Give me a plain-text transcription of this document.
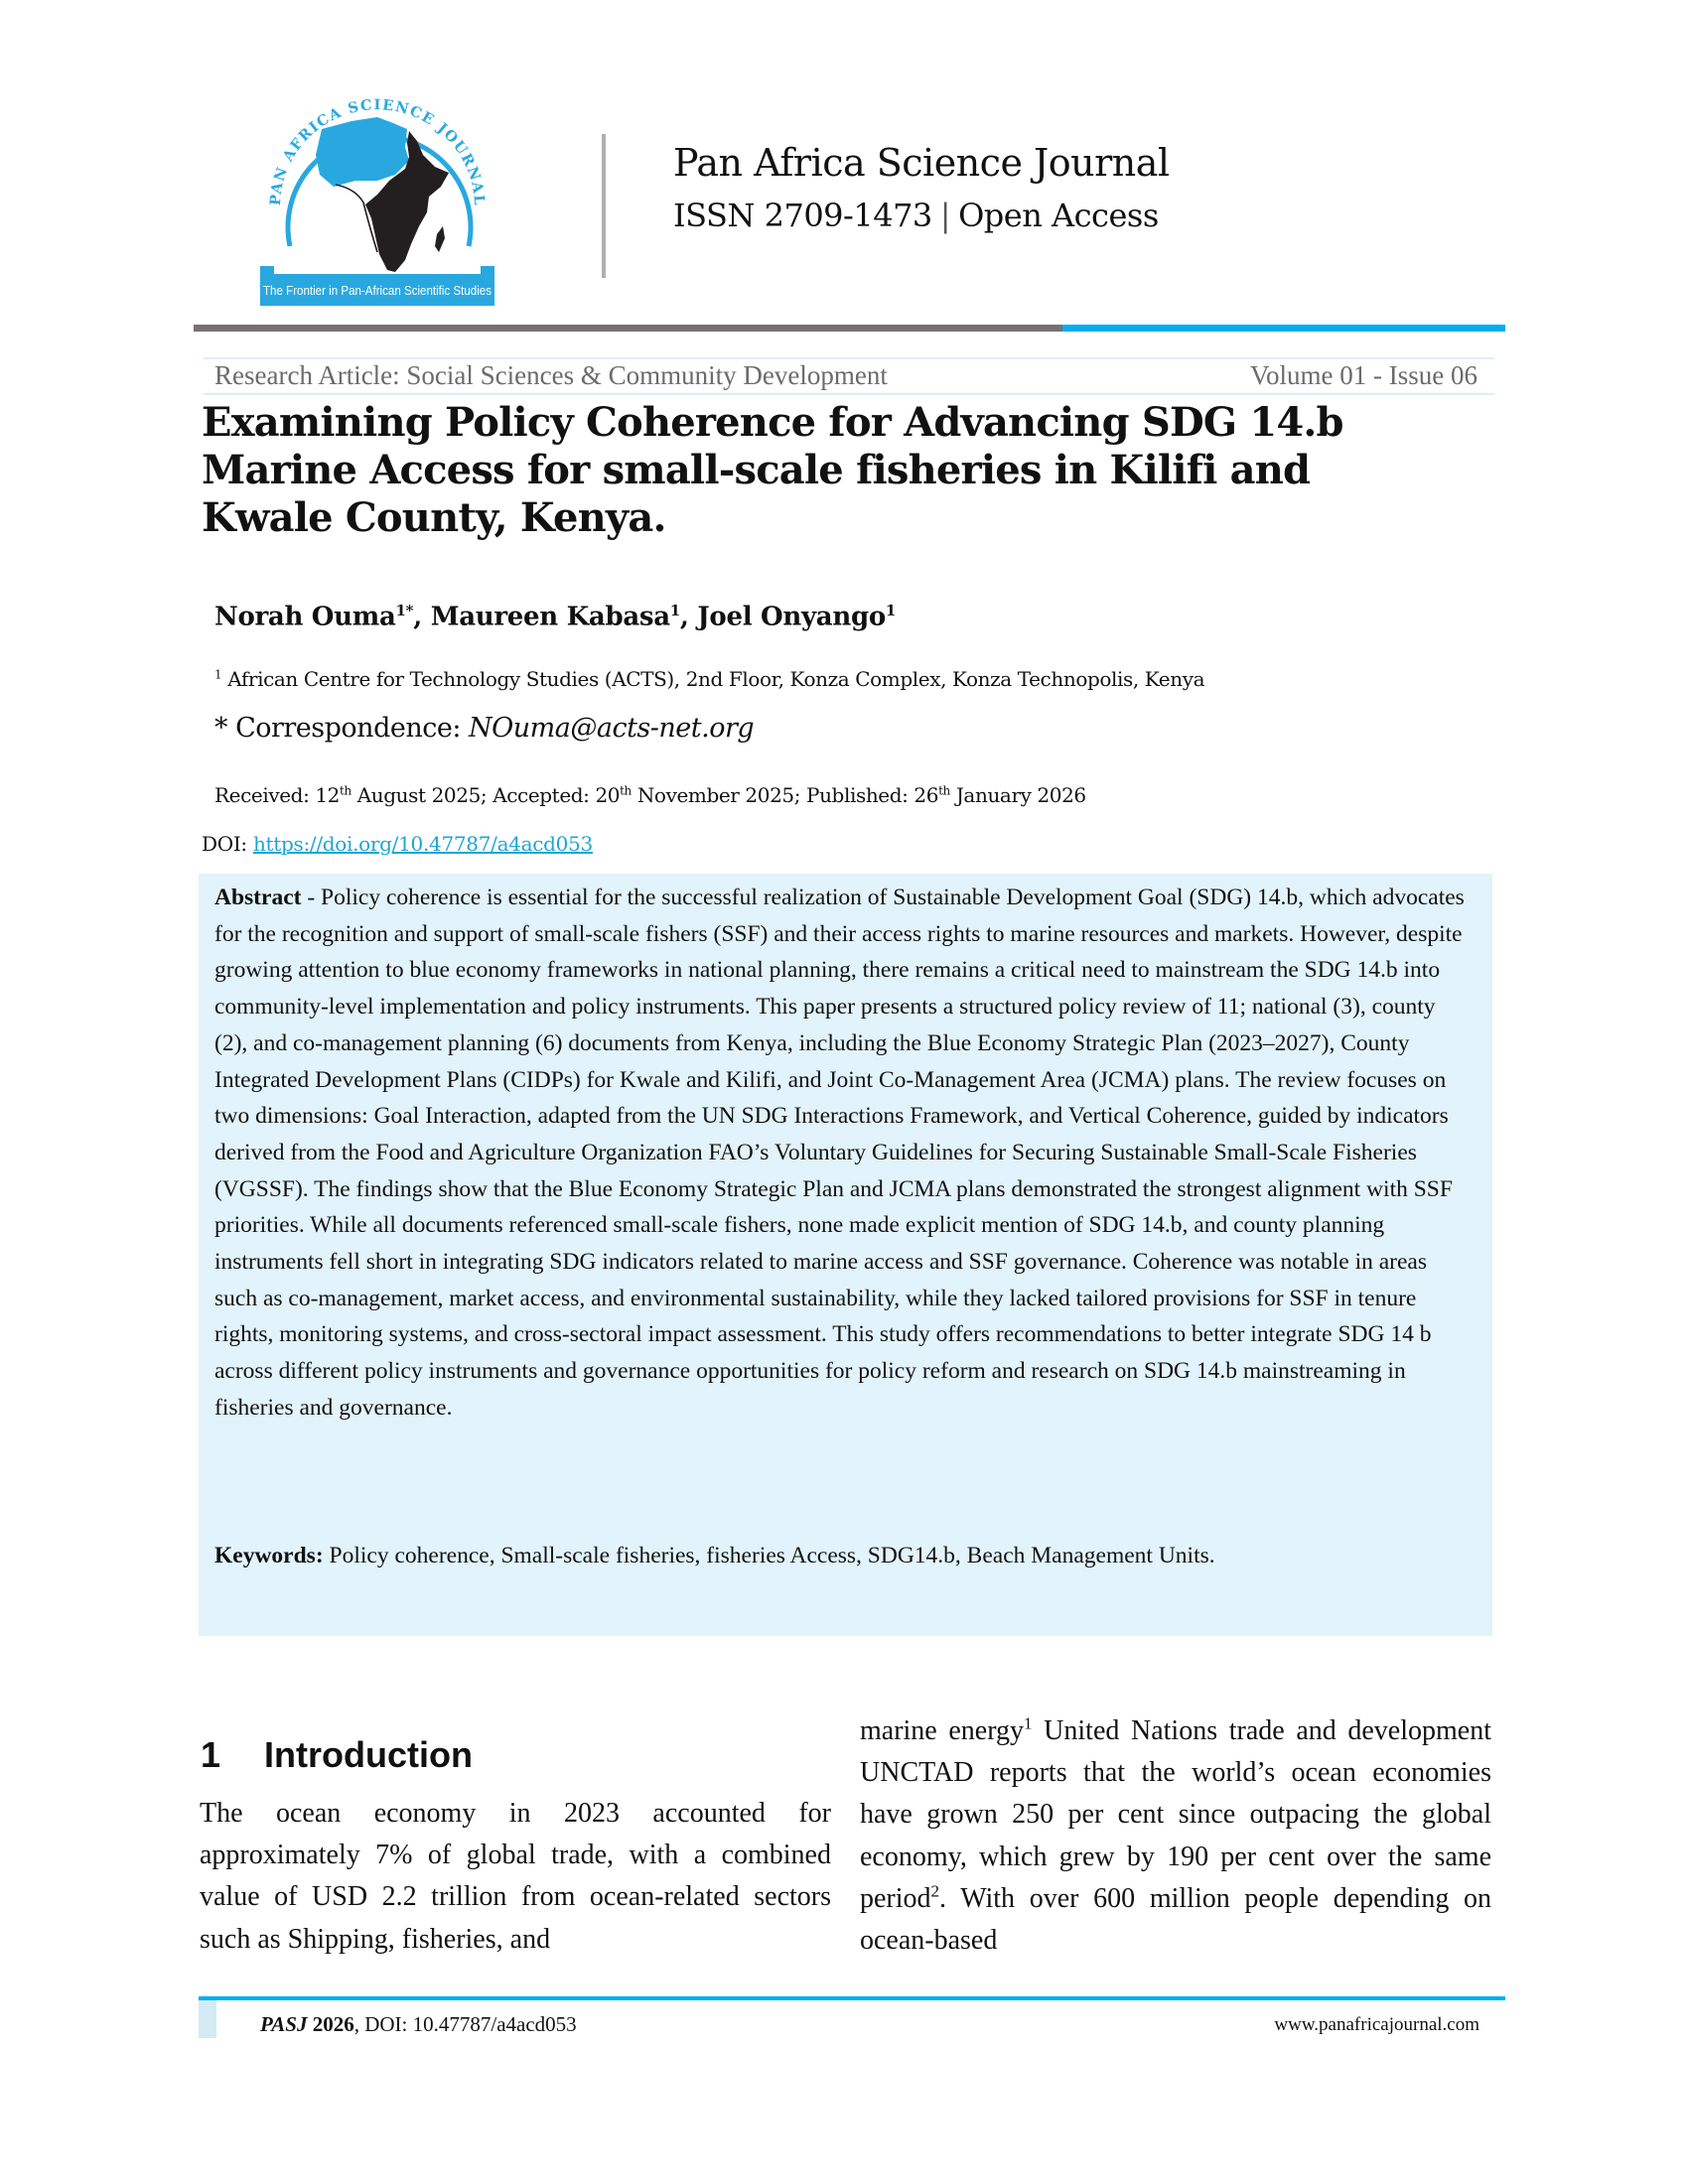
PAN AFRICA SCIENCE JOURNAL
The Frontier in Pan-African Scientific Studies
Pan Africa Science Journal
ISSN 2709-1473 | Open Access
Research Article: Social Sciences & Community Development	Volume 01 - Issue 06
Examining Policy Coherence for Advancing SDG 14.b
Marine Access for small-scale fisheries in Kilifi and
Kwale County, Kenya.
Norah Ouma$^{1*}$, Maureen Kabasa$^1$, Joel Onyango$^1$
$^1$ African Centre for Technology Studies (ACTS), 2nd Floor, Konza Complex, Konza Technopolis, Kenya
* Correspondence: NOuma@acts-net.org
Received: 12th August 2025; Accepted: 20th November 2025; Published: 26th January 2026
DOI: https://doi.org/10.47787/a4acd053
Abstract - Policy coherence is essential for the successful realization of Sustainable Development Goal (SDG) 14.b, which advocates for the recognition and support of small-scale fishers (SSF) and their access rights to marine resources and markets. However, despite growing attention to blue economy frameworks in national planning, there remains a critical need to mainstream the SDG 14.b into community-level implementation and policy instruments. This paper presents a structured policy review of 11; national (3), county (2), and co-management planning (6) documents from Kenya, including the Blue Economy Strategic Plan (2023–2027), County Integrated Development Plans (CIDPs) for Kwale and Kilifi, and Joint Co-Management Area (JCMA) plans. The review focuses on two dimensions: Goal Interaction, adapted from the UN SDG Interactions Framework, and Vertical Coherence, guided by indicators derived from the Food and Agriculture Organization FAO’s Voluntary Guidelines for Securing Sustainable Small-Scale Fisheries (VGSSF). The findings show that the Blue Economy Strategic Plan and JCMA plans demonstrated the strongest alignment with SSF priorities. While all documents referenced small-scale fishers, none made explicit mention of SDG 14.b, and county planning instruments fell short in integrating SDG indicators related to marine access and SSF governance. Coherence was notable in areas such as co-management, market access, and environmental sustainability, while they lacked tailored provisions for SSF in tenure rights, monitoring systems, and cross-sectoral impact assessment. This study offers recommendations to better integrate SDG 14 b across different policy instruments and governance opportunities for policy reform and research on SDG 14.b mainstreaming in fisheries and governance.
Keywords: Policy coherence, Small-scale fisheries, fisheries Access, SDG14.b, Beach Management Units.
1 Introduction
The ocean economy in 2023 accounted for approximately 7% of global trade, with a combined value of USD 2.2 trillion from ocean-related sectors such as Shipping, fisheries, and
marine energy$^1$ United Nations trade and development UNCTAD reports that the world’s ocean economies have grown 250 per cent since outpacing the global economy, which grew by 190 per cent over the same period$^2$. With over 600 million people depending on ocean-based
PASJ 2026, DOI: 10.47787/a4acd053	www.panafricajournal.com
